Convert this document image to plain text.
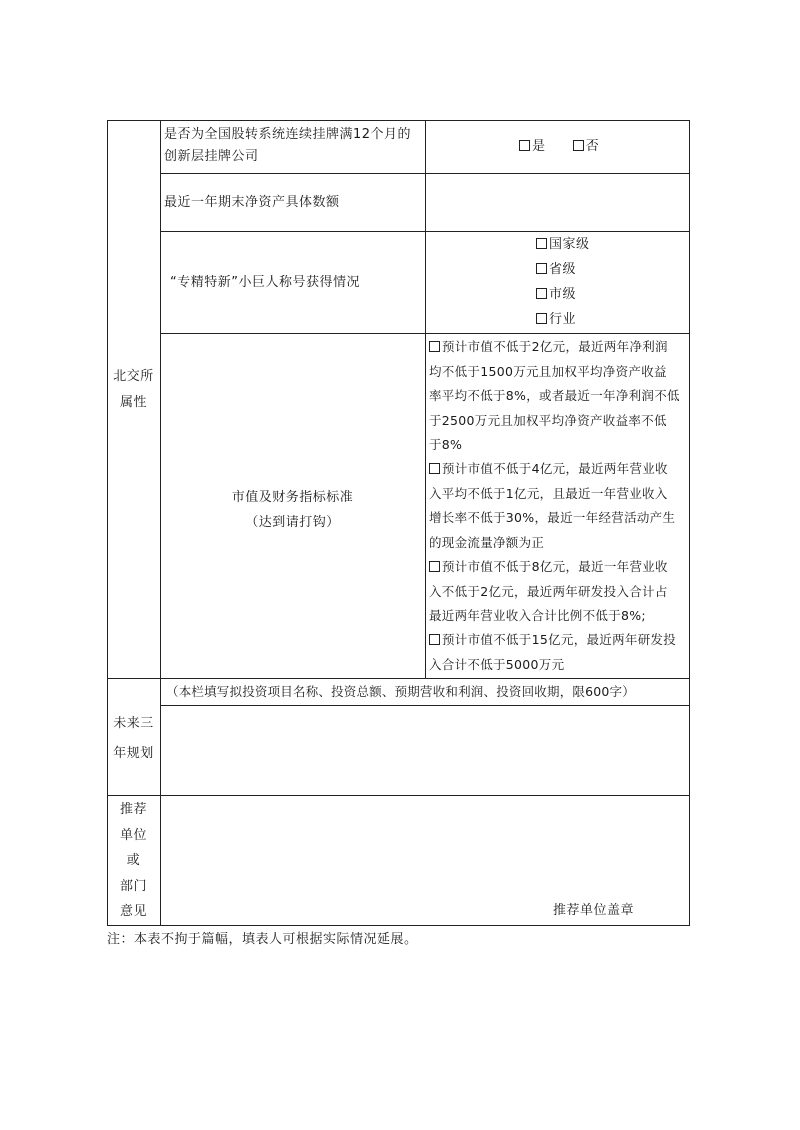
北交所
属性
是否为全国股转系统连续挂牌满12个月的
创新层挂牌公司
是	否
最近一年期末净资产具体数额
“专精特新”小巨人称号获得情况
国家级
省级
市级
行业
市值及财务指标标准
（达到请打钩）
预计市值不低于2亿元，最近两年净利润
均不低于1500万元且加权平均净资产收益
率平均不低于8%，或者最近一年净利润不低
于2500万元且加权平均净资产收益率不低
于8%
预计市值不低于4亿元，最近两年营业收
入平均不低于1亿元，且最近一年营业收入
增长率不低于30%，最近一年经营活动产生
的现金流量净额为正
预计市值不低于8亿元，最近一年营业收
入不低于2亿元，最近两年研发投入合计占
最近两年营业收入合计比例不低于8%;
预计市值不低于15亿元，最近两年研发投
入合计不低于5000万元
未来三
年规划
（本栏填写拟投资项目名称、投资总额、预期营收和利润、投资回收期，限600字）
推荐
单位
或
部门
意见	推荐单位盖章
注：本表不拘于篇幅，填表人可根据实际情况延展。
